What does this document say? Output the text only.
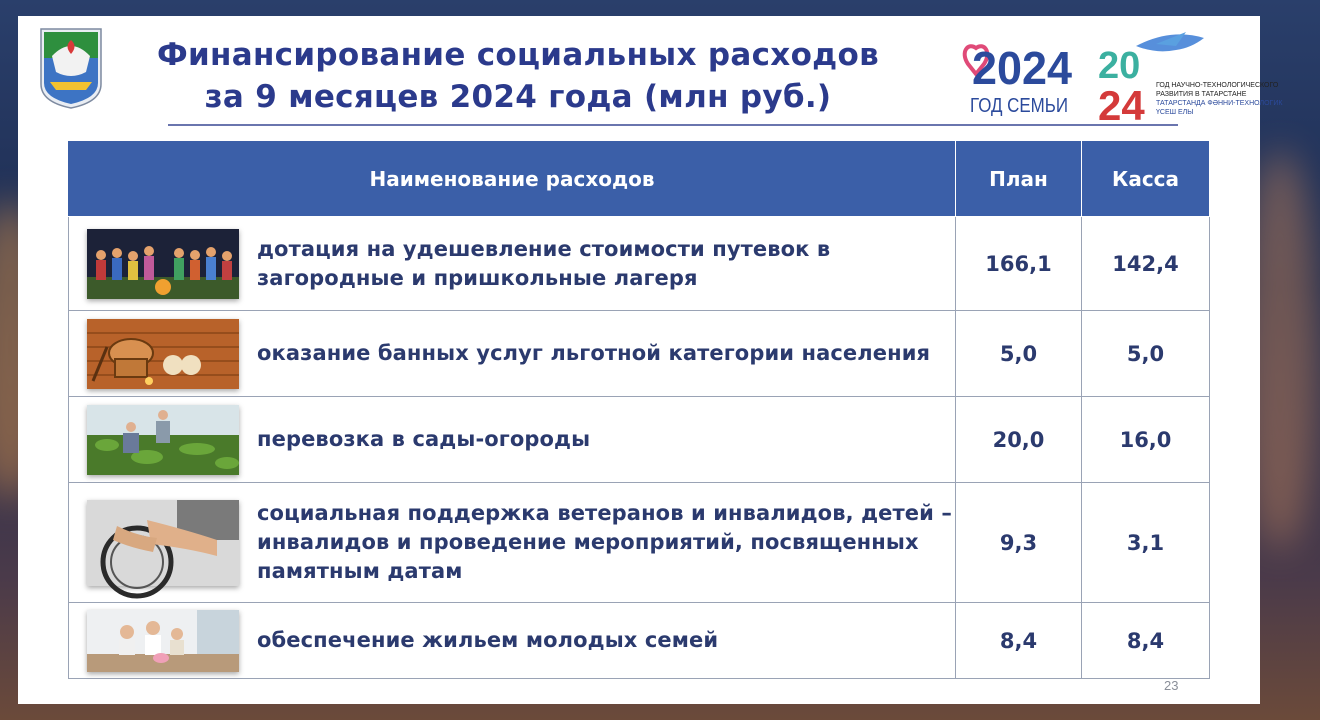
Финансирование социальных расходов
за 9 месяцев 2024 года (млн руб.)
2024
ГОД СЕМЬИ
20
24 ГОД НАУЧНО-ТЕХНОЛОГИЧЕСКОГО
РАЗВИТИЯ В ТАТАРСТАНЕ
ТАТАРСТАНДА ФӘННИ-ТЕХНОЛОГИК
ҮСЕШ ЕЛЫ
Наименование расходов	План	Касса

дотация на удешевление стоимости путевок в загородные и пришкольные лагеря	166,1	142,4

оказание банных услуг льготной категории населения	5,0	5,0

перевозка в сады-огороды	20,0	16,0

социальная поддержка ветеранов и инвалидов, детей – инвалидов и проведение мероприятий, посвященных памятным датам	9,3	3,1

обеспечение жильем молодых семей	8,4	8,4
23
